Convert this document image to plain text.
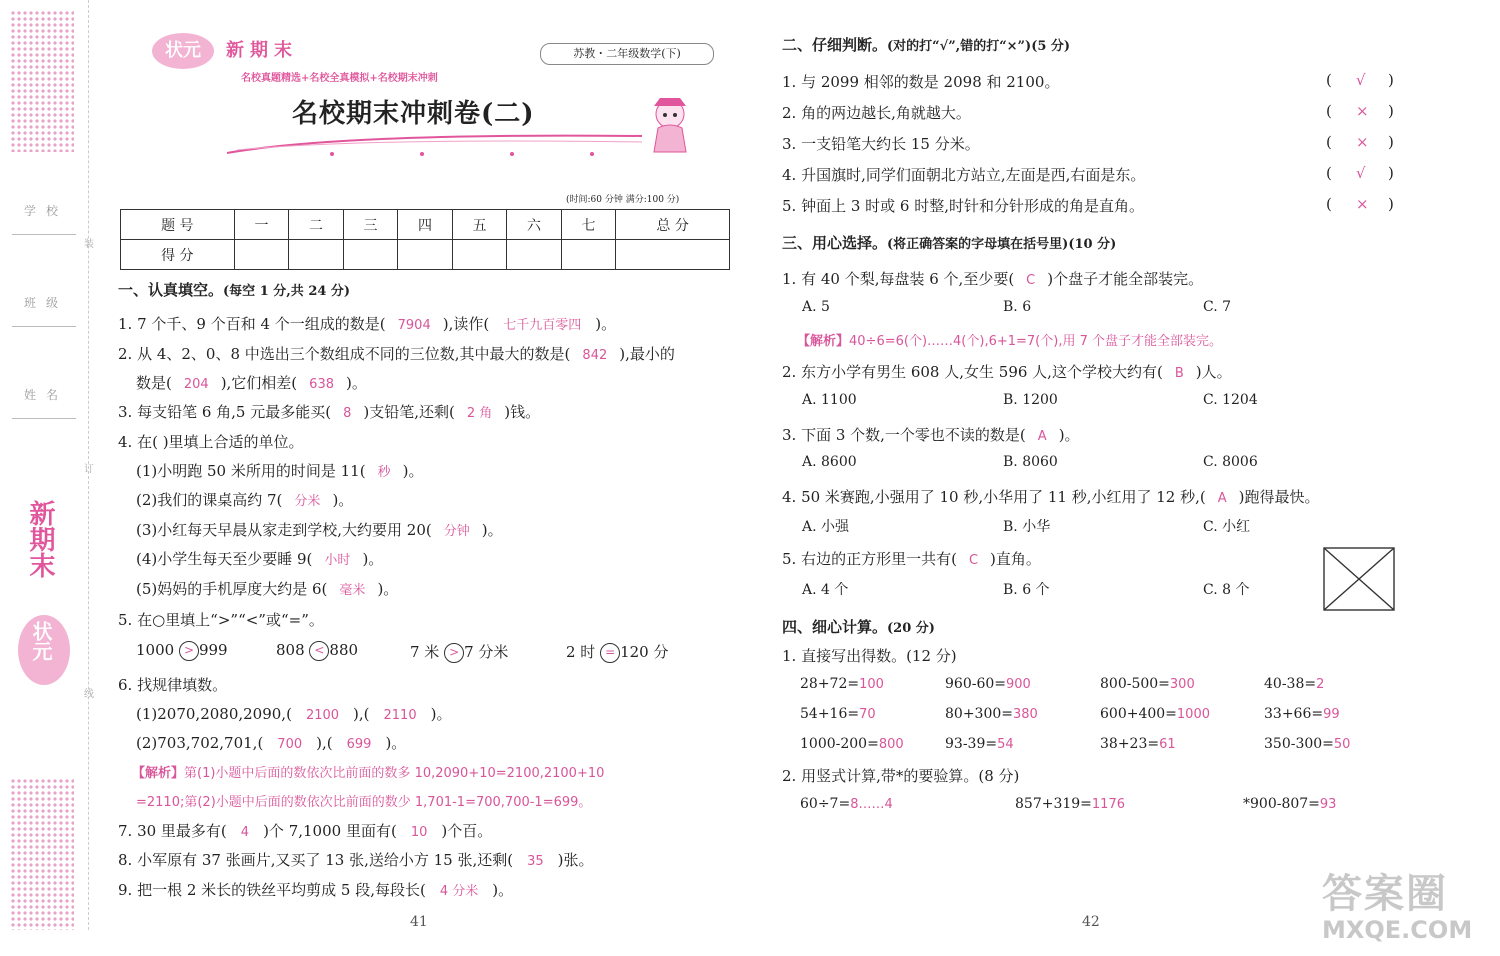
学校
班级
姓名
装
订
线
新期末
状元
状元	新期末
名校真题精选+名校全真模拟+名校期末冲刺
苏教・二年级数学(下)
名校期末冲刺卷(二)
(时间:60 分钟 满分:100 分)
题 号	一	二	三	四	五	六	七	总 分
得 分								
一、认真填空。(每空 1 分,共 24 分)
1. 7 个千、9 个百和 4 个一组成的数是( 7904 ),读作( 七千九百零四 )。
2. 从 4、2、0、8 中选出三个数组成不同的三位数,其中最大的数是( 842 ),最小的
数是( 204 ),它们相差( 638 )。
3. 每支铅笔 6 角,5 元最多能买( 8 )支铅笔,还剩( 2 角 )钱。
4. 在( )里填上合适的单位。
(1)小明跑 50 米所用的时间是 11( 秒 )。
(2)我们的课桌高约 7( 分米 )。
(3)小红每天早晨从家走到学校,大约要用 20( 分钟 )。
(4)小学生每天至少要睡 9( 小时 )。
(5)妈妈的手机厚度大约是 6( 毫米 )。
5. 在○里填上“>”“<”或“=”。
1000 > 999	808 < 880	7 米 > 7 分米	2 时 = 120 分
6. 找规律填数。
(1)2070,2080,2090,( 2100 ),( 2110 )。
(2)703,702,701,( 700 ),( 699 )。
【解析】第(1)小题中后面的数依次比前面的数多 10,2090+10=2100,2100+10
=2110;第(2)小题中后面的数依次比前面的数少 1,701-1=700,700-1=699。
7. 30 里最多有( 4 )个 7,1000 里面有( 10 )个百。
8. 小军原有 37 张画片,又买了 13 张,送给小方 15 张,还剩( 35 )张。
9. 把一根 2 米长的铁丝平均剪成 5 段,每段长( 4 分米 )。
41
二、仔细判断。(对的打“√”,错的打“×”)(5 分)
1. 与 2099 相邻的数是 2098 和 2100。	( √ )
2. 角的两边越长,角就越大。	( × )
3. 一支铅笔大约长 15 分米。	( × )
4. 升国旗时,同学们面朝北方站立,左面是西,右面是东。	( √ )
5. 钟面上 3 时或 6 时整,时针和分针形成的角是直角。	( × )
三、用心选择。(将正确答案的字母填在括号里)(10 分)
1. 有 40 个梨,每盘装 6 个,至少要( C )个盘子才能全部装完。
A. 5	B. 6	C. 7
【解析】40÷6=6(个)……4(个),6+1=7(个),用 7 个盘子才能全部装完。
2. 东方小学有男生 608 人,女生 596 人,这个学校大约有( B )人。
A. 1100	B. 1200	C. 1204
3. 下面 3 个数,一个零也不读的数是( A )。
A. 8600	B. 8060	C. 8006
4. 50 米赛跑,小强用了 10 秒,小华用了 11 秒,小红用了 12 秒,( A )跑得最快。
A. 小强	B. 小华	C. 小红
5. 右边的正方形里一共有( C )直角。
A. 4 个	B. 6 个	C. 8 个
四、细心计算。(20 分)
1. 直接写出得数。(12 分)
28+72=100	960-60=900	800-500=300	40-38=2
54+16=70	80+300=380	600+400=1000	33+66=99
1000-200=800	93-39=54	38+23=61	350-300=50
2. 用竖式计算,带*的要验算。(8 分)
60÷7=8……4	857+319=1176	*900-807=93
42
答案圈
MXQE.COM
